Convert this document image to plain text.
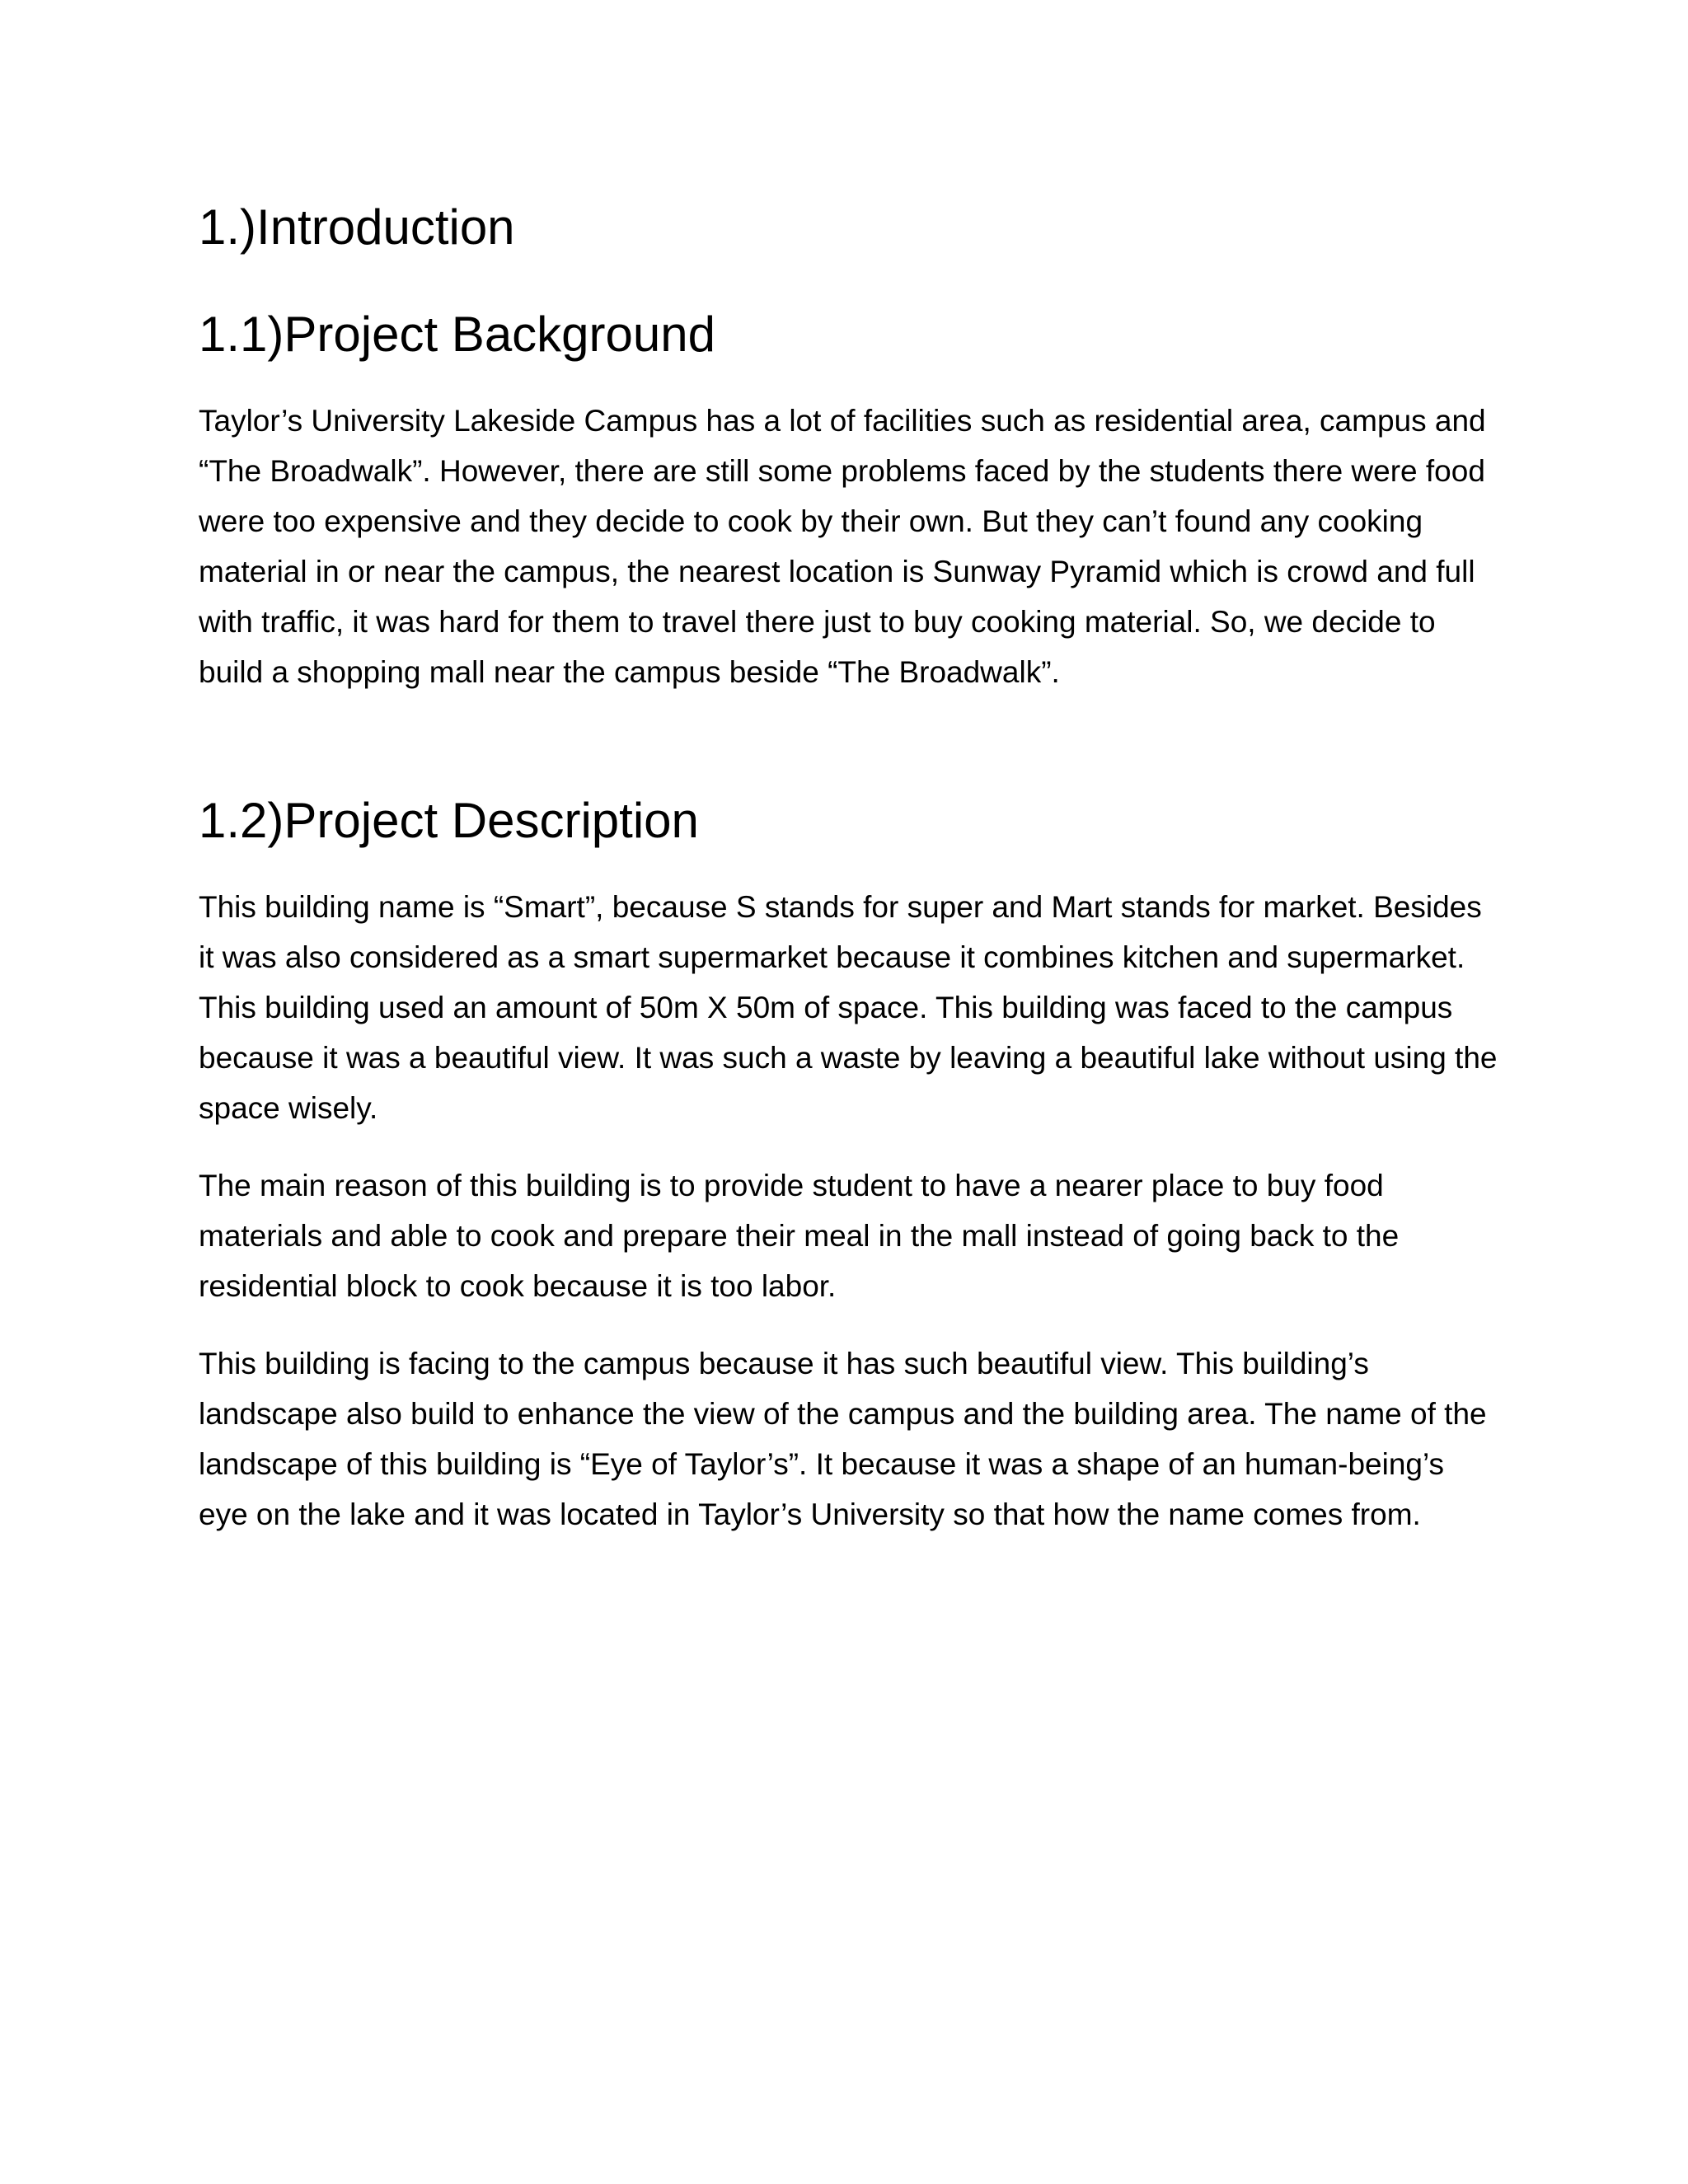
1.)Introduction
1.1)Project Background

Taylor’s University Lakeside Campus has a lot of facilities such as residential area, campus and “The Broadwalk”. However, there are still some problems faced by the students there were food were too expensive and they decide to cook by their own. But they can’t found any cooking material in or near the campus, the nearest location is Sunway Pyramid which is crowd and full with traffic, it was hard for them to travel there just to buy cooking material. So, we decide to build a shopping mall near the campus beside “The Broadwalk”.

1.2)Project Description

This building name is “Smart”, because S stands for super and Mart stands for market. Besides it was also considered as a smart supermarket because it combines kitchen and supermarket. This building used an amount of 50m X 50m of space. This building was faced to the campus because it was a beautiful view. It was such a waste by leaving a beautiful lake without using the space wisely.

The main reason of this building is to provide student to have a nearer place to buy food materials and able to cook and prepare their meal in the mall instead of going back to the residential block to cook because it is too labor.

This building is facing to the campus because it has such beautiful view. This building’s landscape also build to enhance the view of the campus and the building area. The name of the landscape of this building is “Eye of Taylor’s”. It because it was a shape of an human-being’s eye on the lake and it was located in Taylor’s University so that how the name comes from.
